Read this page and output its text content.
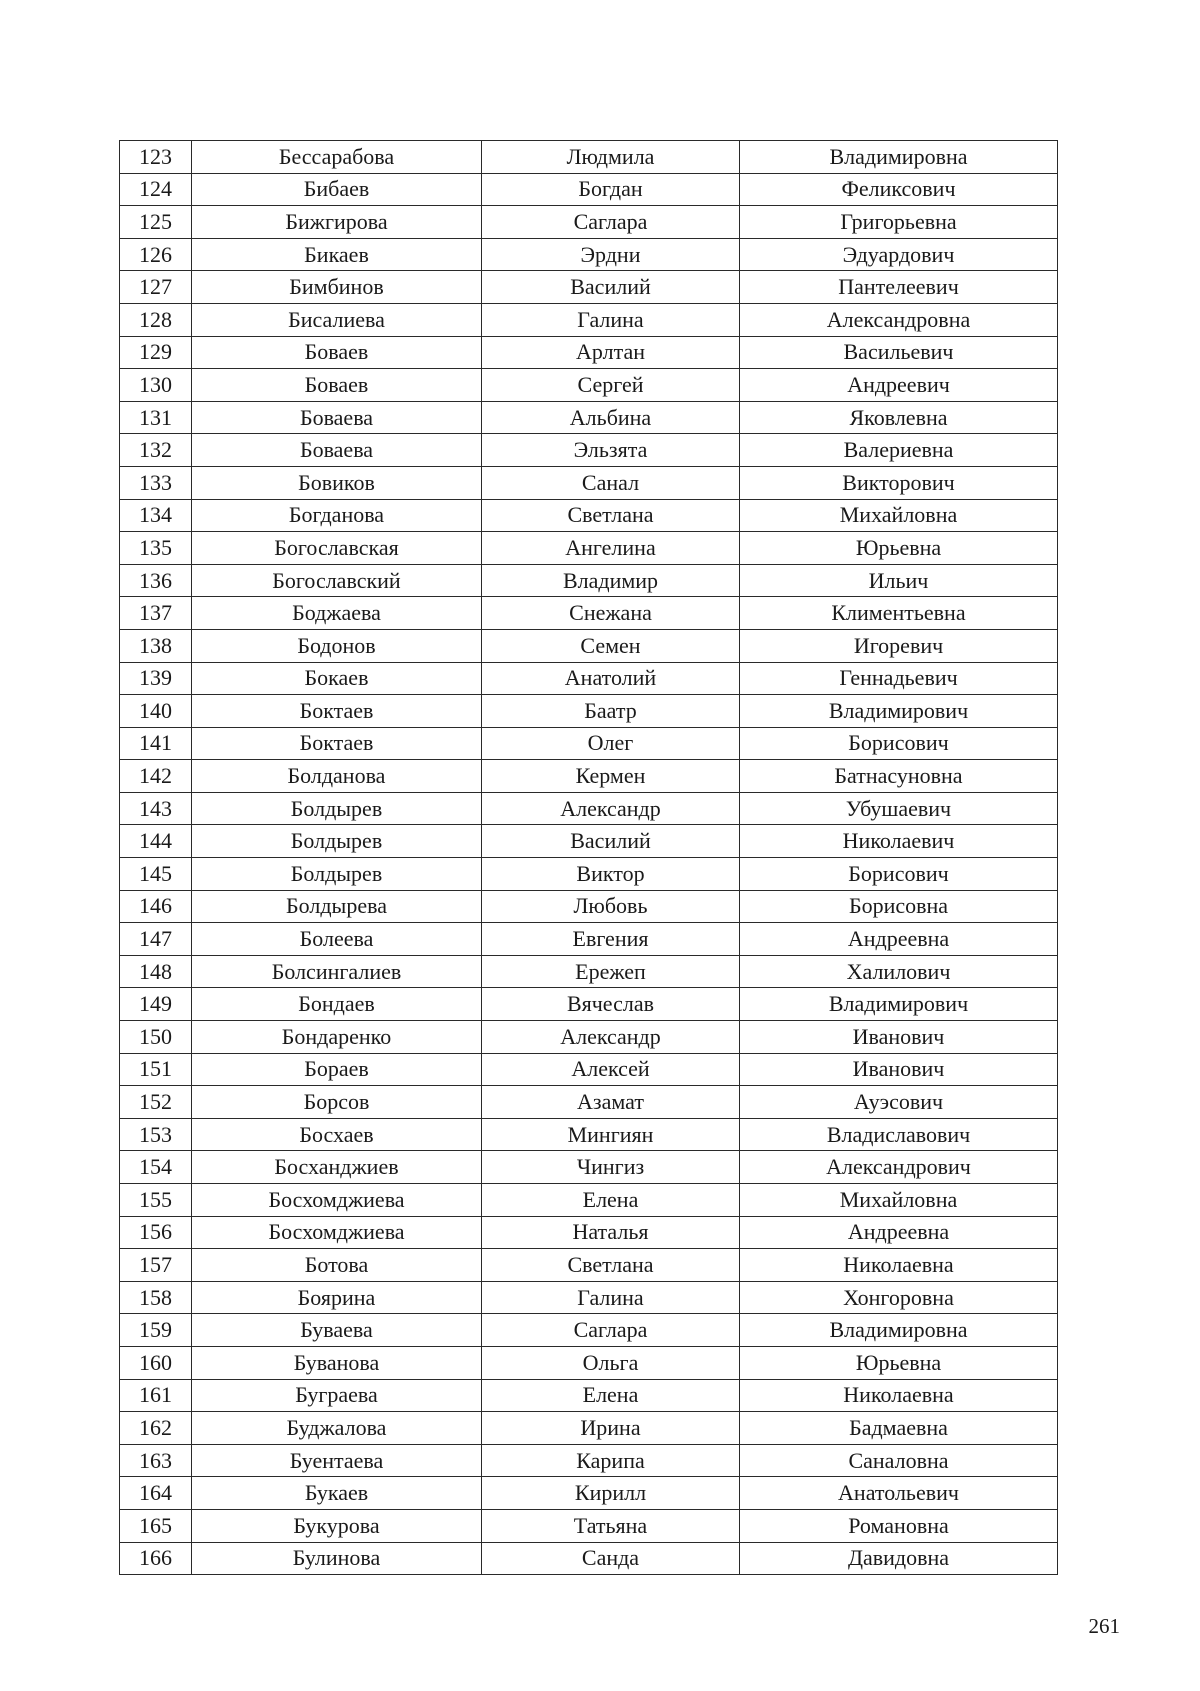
123	Бессарабова	Людмила	Владимировна
124	Бибаев	Богдан	Феликсович
125	Бижгирова	Саглара	Григорьевна
126	Бикаев	Эрдни	Эдуардович
127	Бимбинов	Василий	Пантелеевич
128	Бисалиева	Галина	Александровна
129	Боваев	Арлтан	Васильевич
130	Боваев	Сергей	Андреевич
131	Боваева	Альбина	Яковлевна
132	Боваева	Эльзята	Валериевна
133	Бовиков	Санал	Викторович
134	Богданова	Светлана	Михайловна
135	Богославская	Ангелина	Юрьевна
136	Богославский	Владимир	Ильич
137	Боджаева	Снежана	Климентьевна
138	Бодонов	Семен	Игоревич
139	Бокаев	Анатолий	Геннадьевич
140	Боктаев	Баатр	Владимирович
141	Боктаев	Олег	Борисович
142	Болданова	Кермен	Батнасуновна
143	Болдырев	Александр	Убушаевич
144	Болдырев	Василий	Николаевич
145	Болдырев	Виктор	Борисович
146	Болдырева	Любовь	Борисовна
147	Болеева	Евгения	Андреевна
148	Болсингалиев	Ережеп	Халилович
149	Бондаев	Вячеслав	Владимирович
150	Бондаренко	Александр	Иванович
151	Бораев	Алексей	Иванович
152	Борсов	Азамат	Ауэсович
153	Босхаев	Мингиян	Владиславович
154	Босханджиев	Чингиз	Александрович
155	Босхомджиева	Елена	Михайловна
156	Босхомджиева	Наталья	Андреевна
157	Ботова	Светлана	Николаевна
158	Боярина	Галина	Хонгоровна
159	Буваева	Саглара	Владимировна
160	Буванова	Ольга	Юрьевна
161	Буграева	Елена	Николаевна
162	Буджалова	Ирина	Бадмаевна
163	Буентаева	Карипа	Саналовна
164	Букаев	Кирилл	Анатольевич
165	Букурова	Татьяна	Романовна
166	Булинова	Санда	Давидовна
261
